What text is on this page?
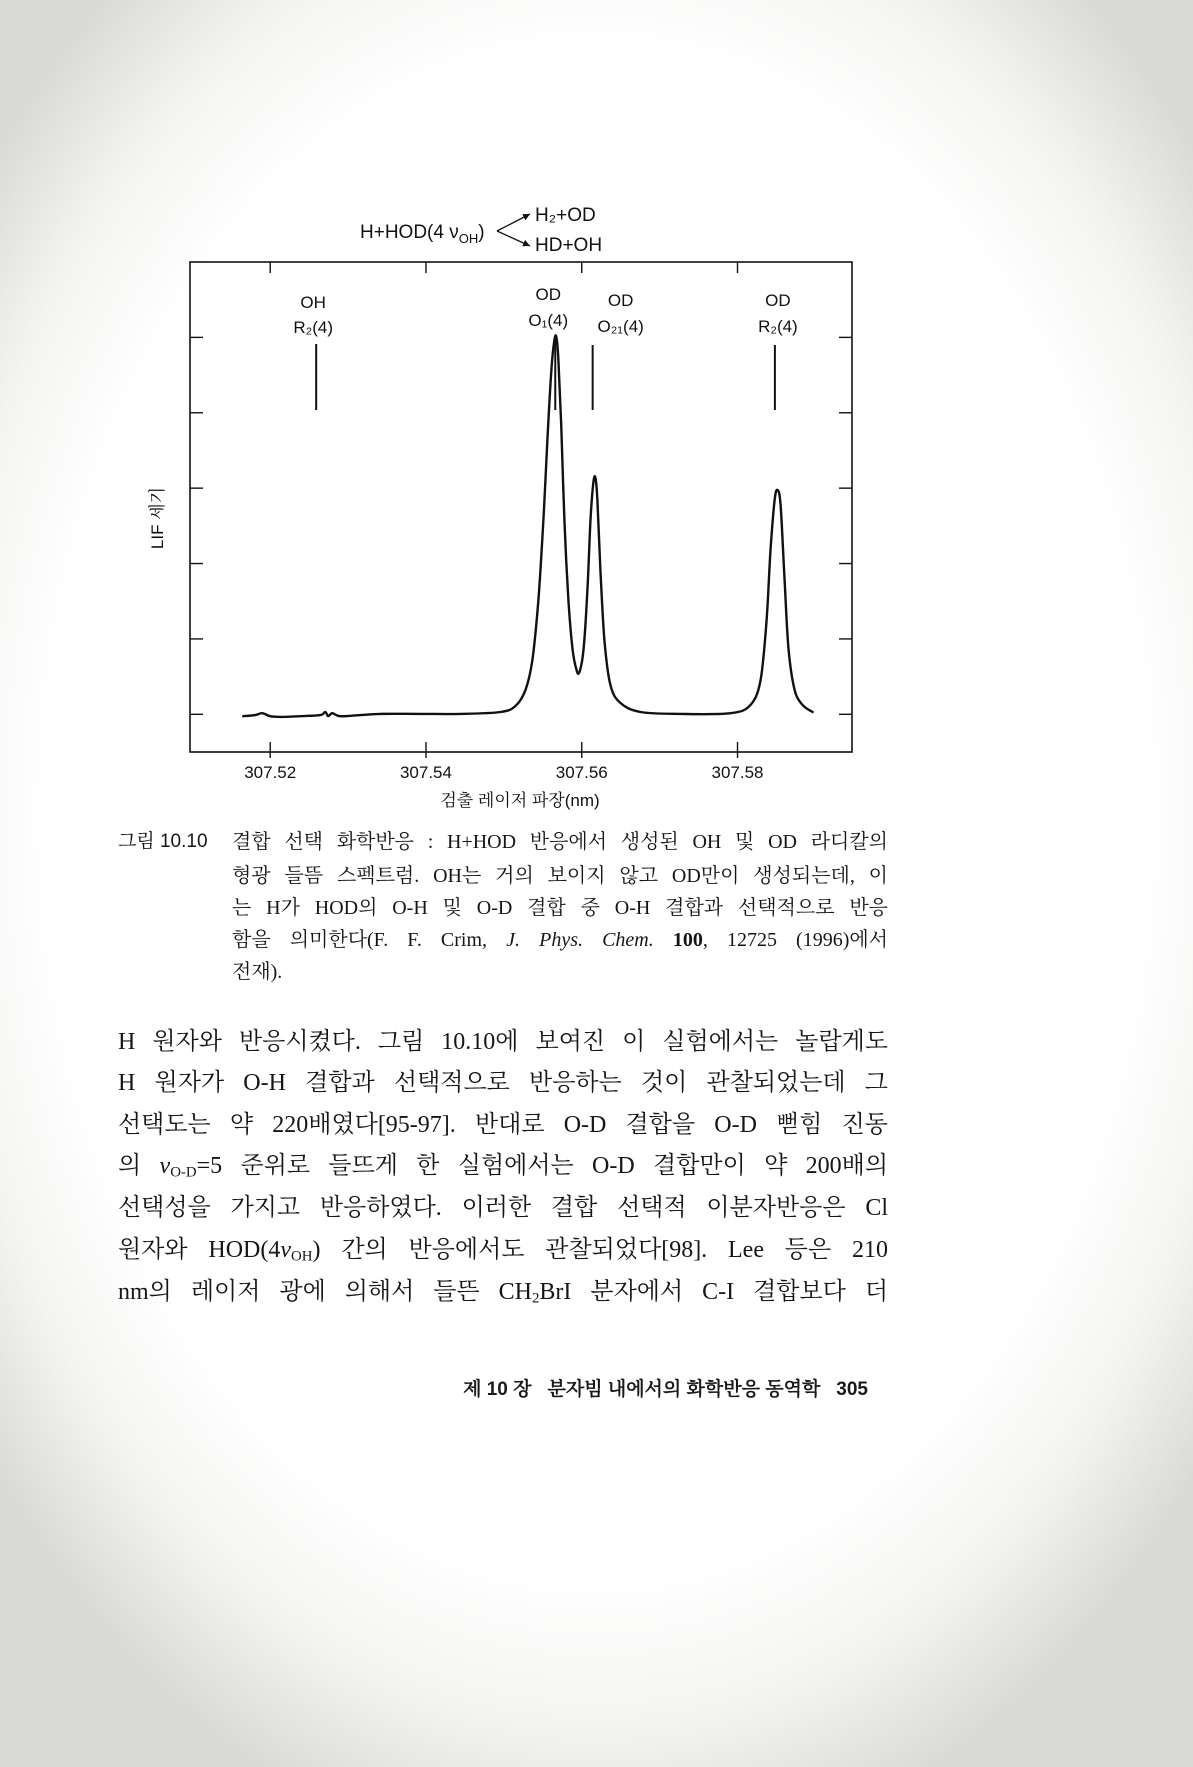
H+HOD(4 $\nu_{OH}$)
H₂+OD
HD+OH
검출 레이저 파장(nm)
LIF 세기
307.52	307.54	307.56	307.58
OH
R₂(4)
OD
O₁(4)
OD
O₂₁(4)
OD
R₂(4)
그림 10.10 결합 선택 화학반응 : H+HOD 반응에서 생성된 OH 및 OD 라디칼의
형광 들뜸 스펙트럼. OH는 거의 보이지 않고 OD만이 생성되는데, 이
는 H가 HOD의 O-H 및 O-D 결합 중 O-H 결합과 선택적으로 반응
함을 의미한다(F. F. Crim, J. Phys. Chem. 100, 12725 (1996)에서
전재).
H 원자와 반응시켰다. 그림 10.10에 보여진 이 실험에서는 놀랍게도
H 원자가 O-H 결합과 선택적으로 반응하는 것이 관찰되었는데 그
선택도는 약 220배였다[95-97]. 반대로 O-D 결합을 O-D 뻗힘 진동
의 $v_{O-D}=5$ 준위로 들뜨게 한 실험에서는 O-D 결합만이 약 200배의
선택성을 가지고 반응하였다. 이러한 결합 선택적 이분자반응은 Cl
원자와 $HOD(4v_{OH})$ 간의 반응에서도 관찰되었다[98]. Lee 등은 210
nm의 레이저 광에 의해서 들뜬 $CH_2BrI$ 분자에서 C-I 결합보다 더
제 10 장 분자빔 내에서의 화학반응 동역학 305
